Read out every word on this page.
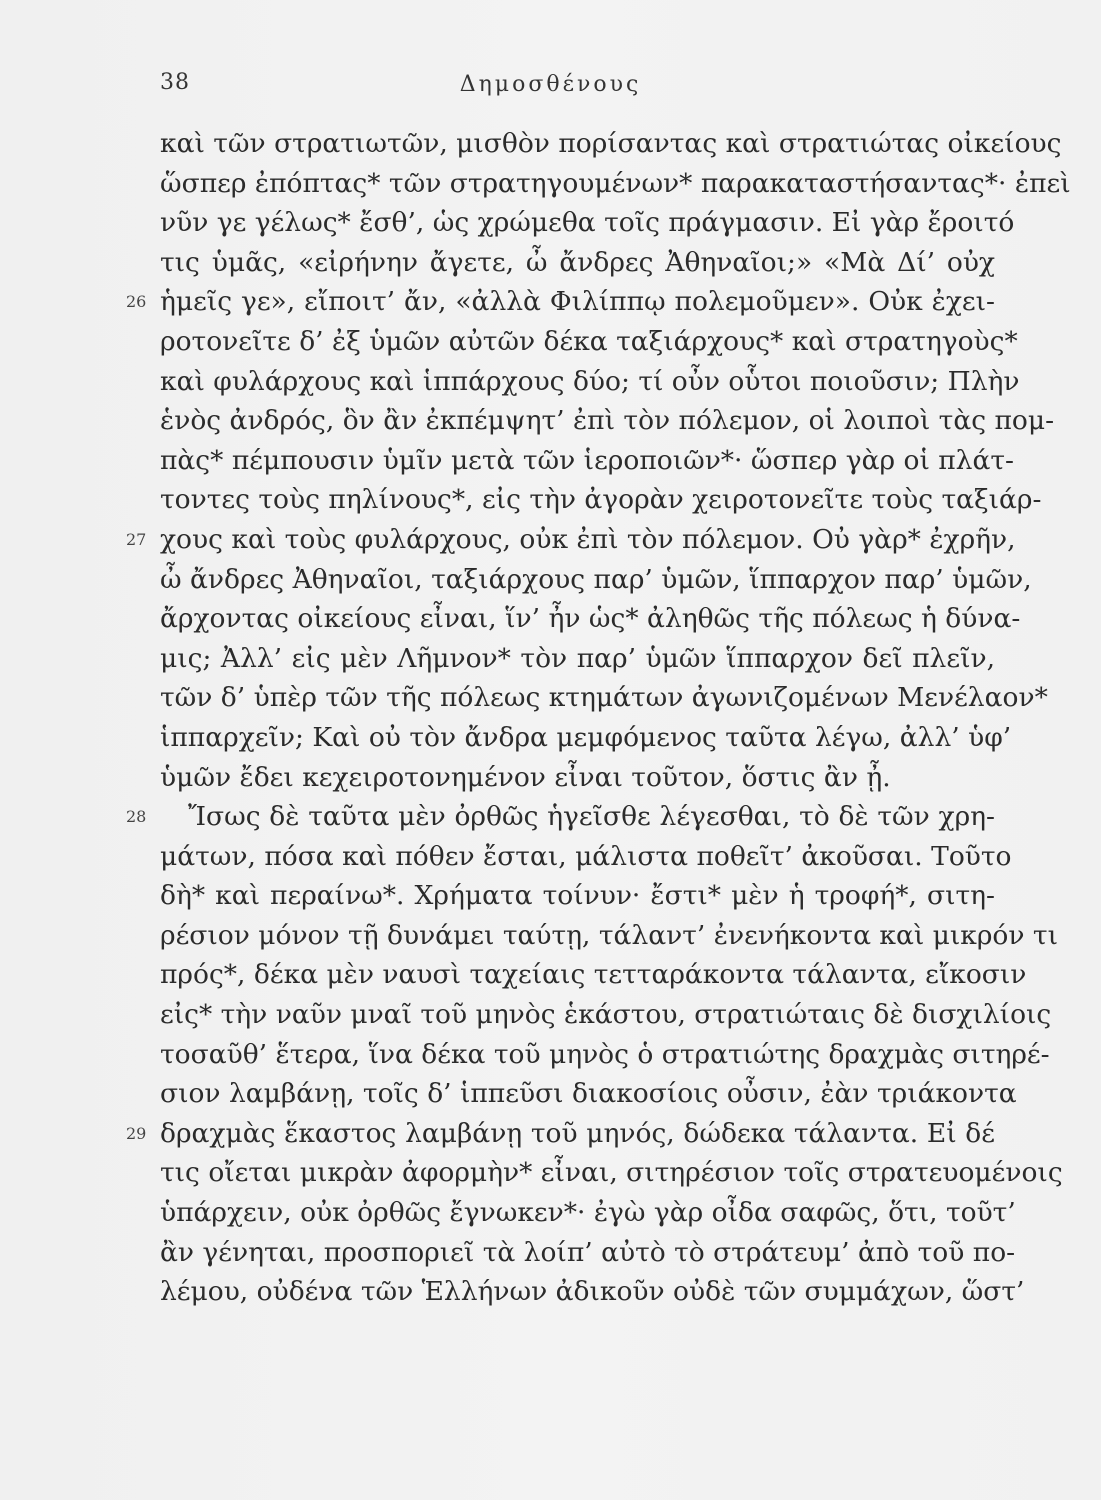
38	Δημοσθένους
καὶ τῶν στρατιωτῶν, μισθὸν πορίσαντας καὶ στρατιώτας οἰκείους
ὥσπερ ἐπόπτας* τῶν στρατηγουμένων* παρακαταστήσαντας*· ἐπεὶ
νῦν γε γέλως* ἔσθ’, ὡς χρώμεθα τοῖς πράγμασιν. Εἰ γὰρ ἔροιτό
τις ὑμᾶς, «εἰρήνην ἄγετε, ὦ ἄνδρες Ἀθηναῖοι;» «Μὰ Δί’ οὐχ
26 ἡμεῖς γε», εἴποιτ’ ἄν, «ἀλλὰ Φιλίππῳ πολεμοῦμεν». Οὐκ ἐχει-
ροτονεῖτε δ’ ἐξ ὑμῶν αὐτῶν δέκα ταξιάρχους* καὶ στρατηγοὺς*
καὶ φυλάρχους καὶ ἱππάρχους δύο; τί οὖν οὗτοι ποιοῦσιν; Πλὴν
ἑνὸς ἀνδρός, ὃν ἂν ἐκπέμψητ’ ἐπὶ τὸν πόλεμον, οἱ λοιποὶ τὰς πομ-
πὰς* πέμπουσιν ὑμῖν μετὰ τῶν ἱεροποιῶν*· ὥσπερ γὰρ οἱ πλάτ-
τοντες τοὺς πηλίνους*, εἰς τὴν ἀγορὰν χειροτονεῖτε τοὺς ταξιάρ-
27 χους καὶ τοὺς φυλάρχους, οὐκ ἐπὶ τὸν πόλεμον. Οὐ γὰρ* ἐχρῆν,
ὦ ἄνδρες Ἀθηναῖοι, ταξιάρχους παρ’ ὑμῶν, ἵππαρχον παρ’ ὑμῶν,
ἄρχοντας οἰκείους εἶναι, ἵν’ ἦν ὡς* ἀληθῶς τῆς πόλεως ἡ δύνα-
μις; Ἀλλ’ εἰς μὲν Λῆμνον* τὸν παρ’ ὑμῶν ἵππαρχον δεῖ πλεῖν,
τῶν δ’ ὑπὲρ τῶν τῆς πόλεως κτημάτων ἀγωνιζομένων Μενέλαον*
ἱππαρχεῖν; Καὶ οὐ τὸν ἄνδρα μεμφόμενος ταῦτα λέγω, ἀλλ’ ὑφ’
ὑμῶν ἔδει κεχειροτονημένον εἶναι τοῦτον, ὅστις ἂν ᾖ.
28 Ἴσως δὲ ταῦτα μὲν ὀρθῶς ἡγεῖσθε λέγεσθαι, τὸ δὲ τῶν χρη-
μάτων, πόσα καὶ πόθεν ἔσται, μάλιστα ποθεῖτ’ ἀκοῦσαι. Τοῦτο
δὴ* καὶ περαίνω*. Χρήματα τοίνυν· ἔστι* μὲν ἡ τροφή*, σιτη-
ρέσιον μόνον τῇ δυνάμει ταύτῃ, τάλαντ’ ἐνενήκοντα καὶ μικρόν τι
πρός*, δέκα μὲν ναυσὶ ταχείαις τετταράκοντα τάλαντα, εἴκοσιν
εἰς* τὴν ναῦν μναῖ τοῦ μηνὸς ἑκάστου, στρατιώταις δὲ δισχιλίοις
τοσαῦθ’ ἕτερα, ἵνα δέκα τοῦ μηνὸς ὁ στρατιώτης δραχμὰς σιτηρέ-
σιον λαμβάνῃ, τοῖς δ’ ἱππεῦσι διακοσίοις οὖσιν, ἐὰν τριάκοντα
29 δραχμὰς ἕκαστος λαμβάνῃ τοῦ μηνός, δώδεκα τάλαντα. Εἰ δέ
τις οἴεται μικρὰν ἀφορμὴν* εἶναι, σιτηρέσιον τοῖς στρατευομένοις
ὑπάρχειν, οὐκ ὀρθῶς ἔγνωκεν*· ἐγὼ γὰρ οἶδα σαφῶς, ὅτι, τοῦτ’
ἂν γένηται, προσποριεῖ τὰ λοίπ’ αὐτὸ τὸ στράτευμ’ ἀπὸ τοῦ πο-
λέμου, οὐδένα τῶν Ἑλλήνων ἀδικοῦν οὐδὲ τῶν συμμάχων, ὥστ’
